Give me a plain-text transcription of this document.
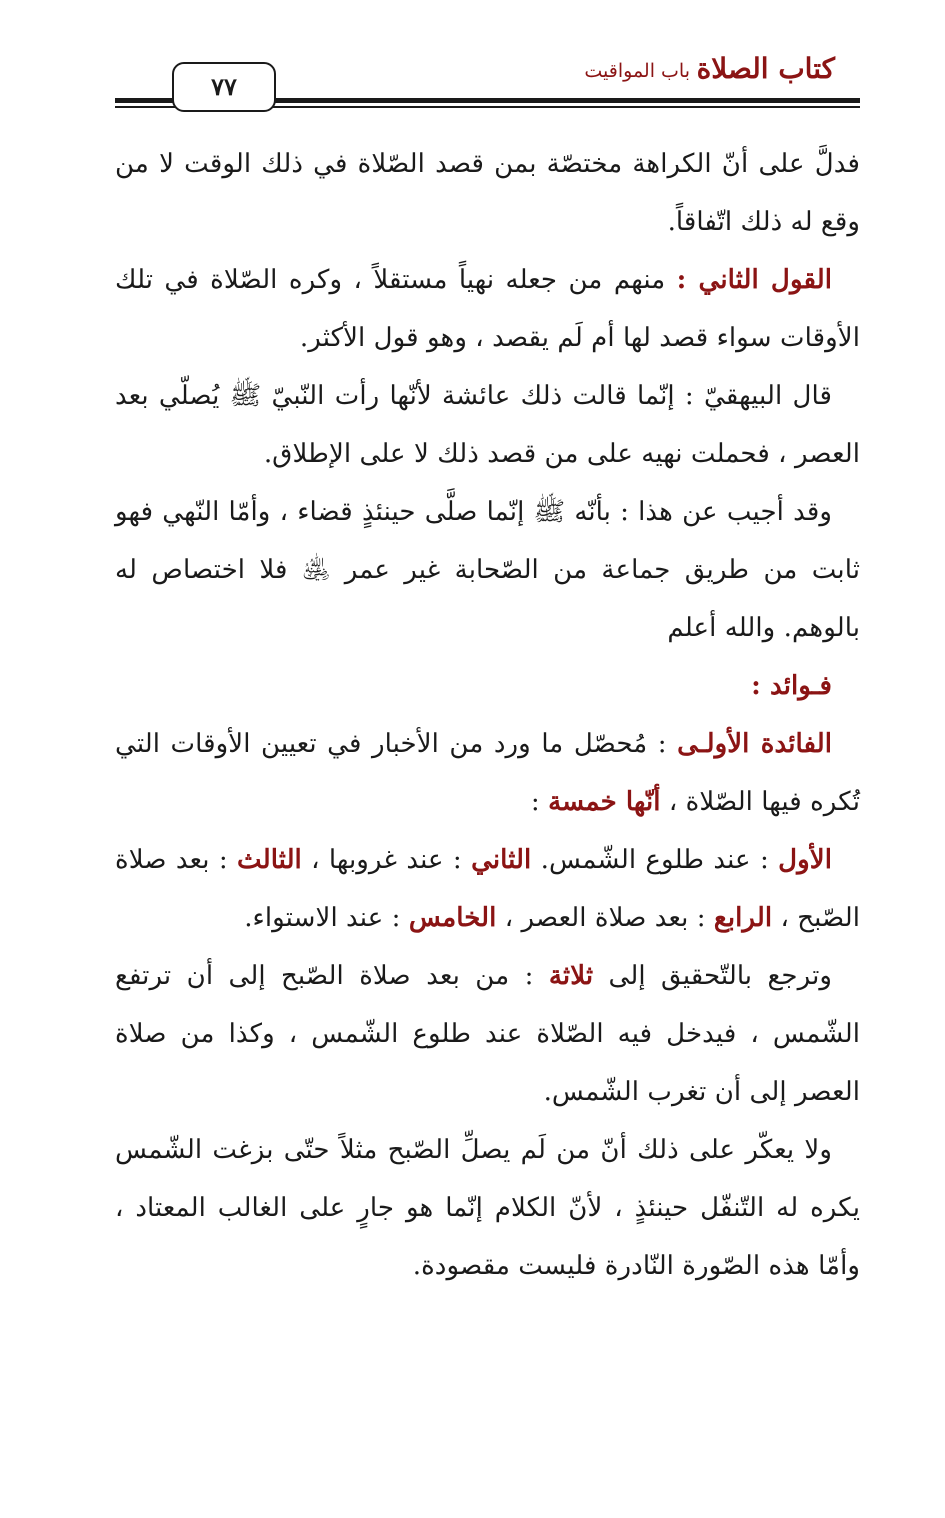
كتاب الصلاة
باب المواقيت
٧٧

فدلَّ على أنّ الكراهة مختصّة بمن قصد الصّلاة في ذلك الوقت لا من وقع له ذلك اتّفاقاً.

القول الثاني : منهم من جعله نهياً مستقلاً ، وكره الصّلاة في تلك الأوقات سواء قصد لها أم لَم يقصد ، وهو قول الأكثر.

قال البيهقيّ : إنّما قالت ذلك عائشة لأنّها رأت النّبيّ ﷺ يُصلّي بعد العصر ، فحملت نهيه على من قصد ذلك لا على الإطلاق.

وقد أجيب عن هذا : بأنّه ﷺ إنّما صلَّى حينئذٍ قضاء ، وأمّا النّهي فهو ثابت من طريق جماعة من الصّحابة غير عمر ﵁ فلا اختصاص له بالوهم. والله أعلم

فـوائد :

الفائدة الأولـى : مُحصّل ما ورد من الأخبار في تعيين الأوقات التي تُكره فيها الصّلاة ، أنّها خمسة :

الأول : عند طلوع الشّمس. الثاني : عند غروبها ، الثالث : بعد صلاة الصّبح ، الرابع : بعد صلاة العصر ، الخامس : عند الاستواء.

وترجع بالتّحقيق إلى ثلاثة : من بعد صلاة الصّبح إلى أن ترتفع الشّمس ، فيدخل فيه الصّلاة عند طلوع الشّمس ، وكذا من صلاة العصر إلى أن تغرب الشّمس.

ولا يعكّر على ذلك أنّ من لَم يصلِّ الصّبح مثلاً حتّى بزغت الشّمس يكره له التّنفّل حينئذٍ ، لأنّ الكلام إنّما هو جارٍ على الغالب المعتاد ، وأمّا هذه الصّورة النّادرة فليست مقصودة.
